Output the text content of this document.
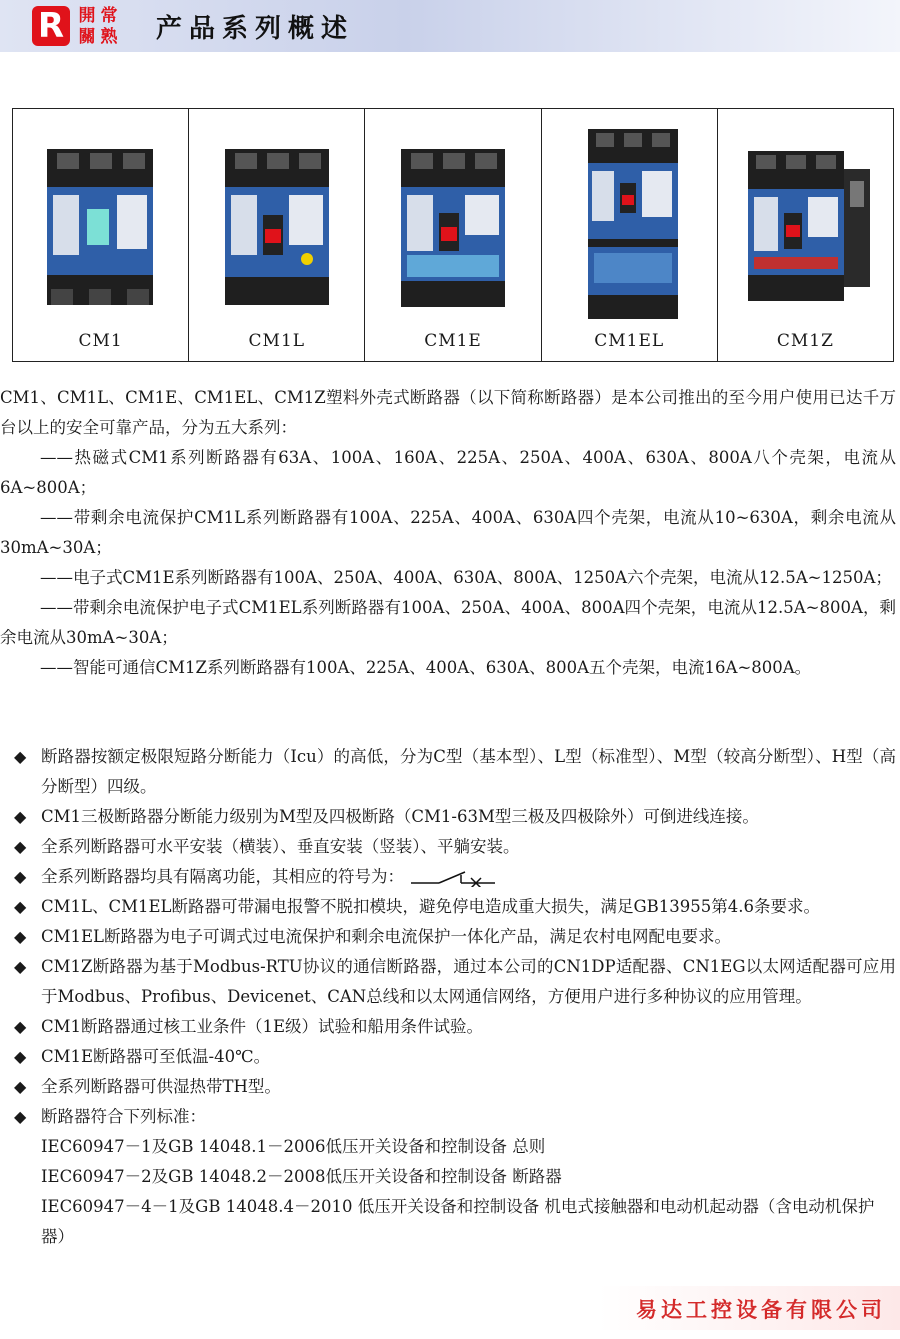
R 開 常
關 熟 产品系列概述
CM1	CM1L	CM1E	CM1EL	CM1Z

CM1、CM1L、CM1E、CM1EL、CM1Z塑料外壳式断路器（以下简称断路器）是本公司推出的至今用户使用已达千万台以上的安全可靠产品，分为五大系列：

——热磁式CM1系列断路器有63A、100A、160A、225A、250A、400A、630A、800A八个壳架，电流从6A~800A；

——带剩余电流保护CM1L系列断路器有100A、225A、400A、630A四个壳架，电流从10~630A，剩余电流从30mA~30A；

——电子式CM1E系列断路器有100A、250A、400A、630A、800A、1250A六个壳架，电流从12.5A~1250A；

——带剩余电流保护电子式CM1EL系列断路器有100A、250A、400A、800A四个壳架，电流从12.5A~800A，剩余电流从30mA~30A；

——智能可通信CM1Z系列断路器有100A、225A、400A、630A、800A五个壳架，电流16A~800A。

◆ 断路器按额定极限短路分断能力（Icu）的高低，分为C型（基本型）、L型（标准型）、M型（较高分断型）、H型（高分断型）四级。

◆ CM1三极断路器分断能力级别为M型及四极断路（CM1-63M型三极及四极除外）可倒进线连接。

◆ 全系列断路器可水平安装（横装）、垂直安装（竖装）、平躺安装。

◆ 全系列断路器均具有隔离功能，其相应的符号为：

◆ CM1L、CM1EL断路器可带漏电报警不脱扣模块，避免停电造成重大损失，满足GB13955第4.6条要求。

◆ CM1EL断路器为电子可调式过电流保护和剩余电流保护一体化产品，满足农村电网配电要求。

◆ CM1Z断路器为基于Modbus-RTU协议的通信断路器，通过本公司的CN1DP适配器、CN1EG以太网适配器可应用于Modbus、Profibus、Devicenet、CAN总线和以太网通信网络，方便用户进行多种协议的应用管理。

◆ CM1断路器通过核工业条件（1E级）试验和船用条件试验。

◆ CM1E断路器可至低温-40℃。

◆ 全系列断路器可供湿热带TH型。

◆ 断路器符合下列标准：

IEC60947－1及GB 14048.1－2006低压开关设备和控制设备 总则

IEC60947－2及GB 14048.2－2008低压开关设备和控制设备 断路器

IEC60947－4－1及GB 14048.4－2010 低压开关设备和控制设备 机电式接触器和电动机起动器（含电动机保护器）

易达工控设备有限公司
